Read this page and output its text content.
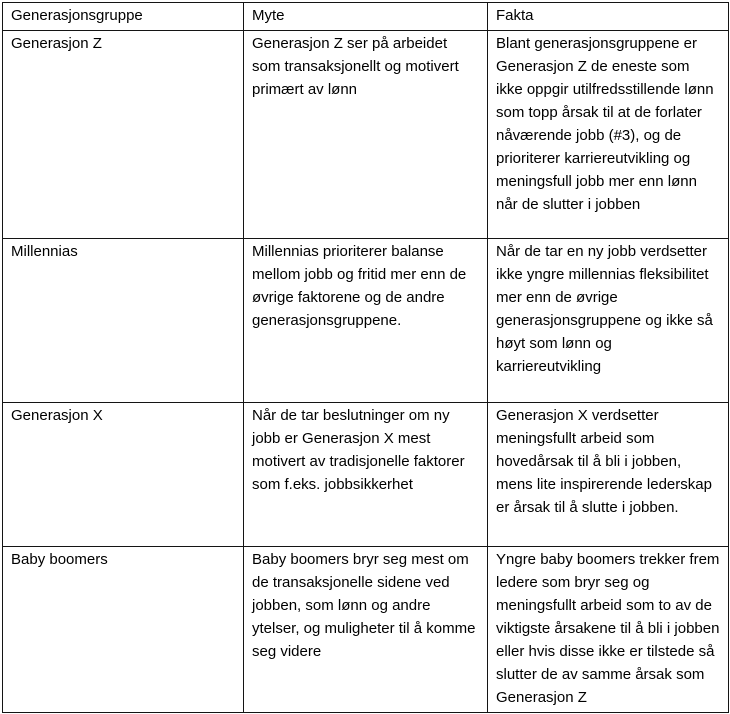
Generasjonsgruppe	Myte	Fakta
Generasjon Z	Generasjon Z ser på arbeidet som transaksjonellt og motivert primært av lønn	Blant generasjonsgruppene er Generasjon Z de eneste som ikke oppgir utilfredsstillende lønn som topp årsak til at de forlater nåværende jobb (#3), og de prioriterer karriereutvikling og meningsfull jobb mer enn lønn når de slutter i jobben
Millennias	Millennias prioriterer balanse mellom jobb og fritid mer enn de øvrige faktorene og de andre generasjonsgruppene.	Når de tar en ny jobb verdsetter ikke yngre millennias fleksibilitet mer enn de øvrige generasjonsgruppene og ikke så høyt som lønn og karriereutvikling
Generasjon X	Når de tar beslutninger om ny jobb er Generasjon X mest motivert av tradisjonelle faktorer som f.eks. jobbsikkerhet	Generasjon X verdsetter meningsfullt arbeid som hovedårsak til å bli i jobben, mens lite inspirerende lederskap er årsak til å slutte i jobben.
Baby boomers	Baby boomers bryr seg mest om de transaksjonelle sidene ved jobben, som lønn og andre ytelser, og muligheter til å komme seg videre	Yngre baby boomers trekker frem ledere som bryr seg og meningsfullt arbeid som to av de viktigste årsakene til å bli i jobben eller hvis disse ikke er tilstede så slutter de av samme årsak som Generasjon Z
